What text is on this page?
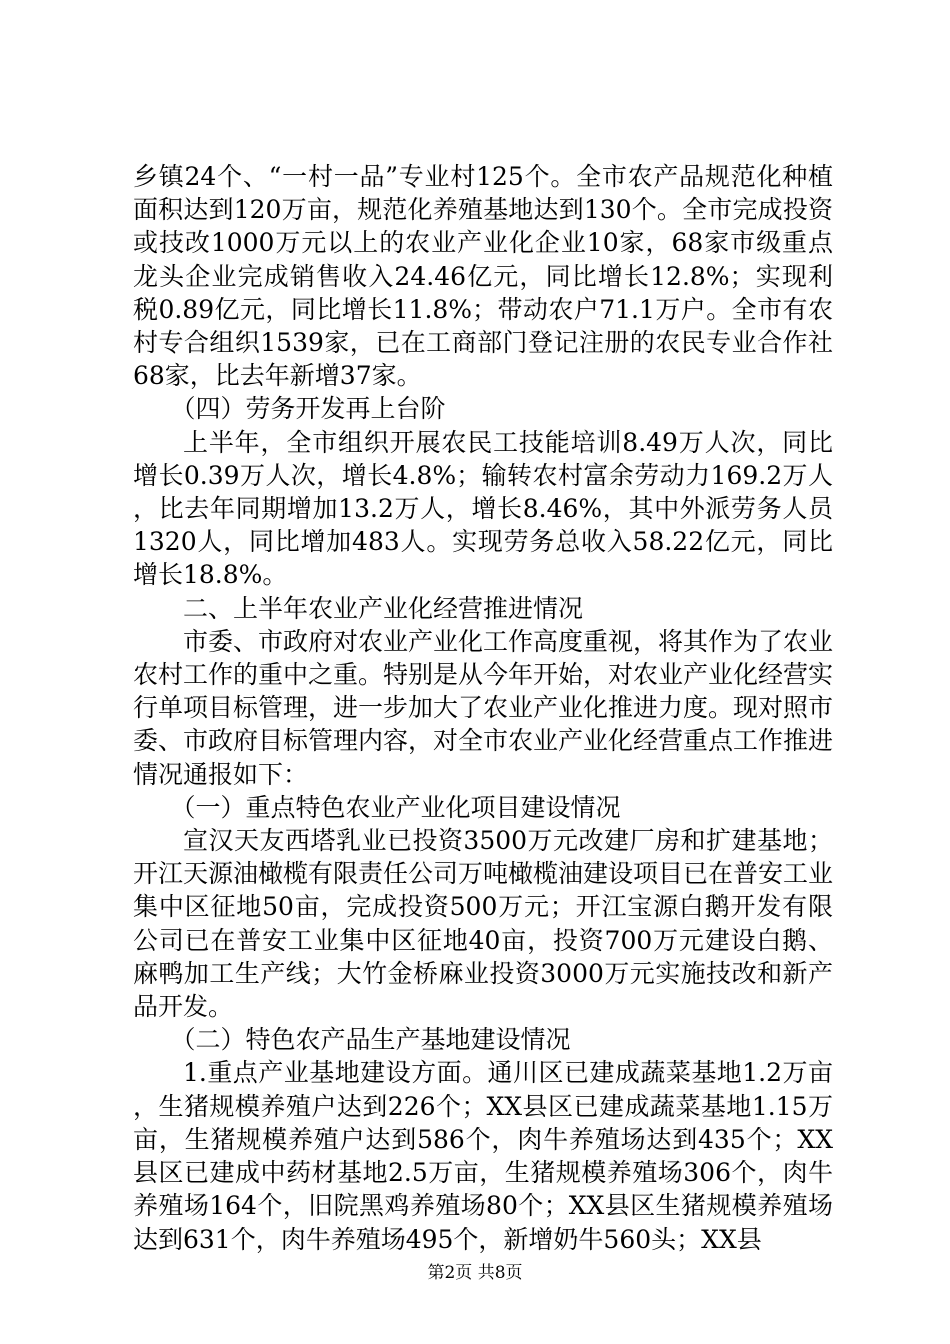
乡镇24个、“一村一品”专业村125个。全市农产品规范化种植面积达到120万亩，规范化养殖基地达到130个。全市完成投资或技改1000万元以上的农业产业化企业10家，68家市级重点龙头企业完成销售收入24.46亿元，同比增长12.8%；实现利税0.89亿元，同比增长11.8%；带动农户71.1万户。全市有农村专合组织1539家，已在工商部门登记注册的农民专业合作社68家，比去年新增37家。

（四）劳务开发再上台阶

上半年，全市组织开展农民工技能培训8.49万人次，同比增长0.39万人次，增长4.8%；输转农村富余劳动力169.2万人，比去年同期增加13.2万人，增长8.46%，其中外派劳务人员1320人，同比增加483人。实现劳务总收入58.22亿元，同比增长18.8%。

二、上半年农业产业化经营推进情况

市委、市政府对农业产业化工作高度重视，将其作为了农业农村工作的重中之重。特别是从今年开始，对农业产业化经营实行单项目标管理，进一步加大了农业产业化推进力度。现对照市委、市政府目标管理内容，对全市农业产业化经营重点工作推进情况通报如下：

（一）重点特色农业产业化项目建设情况

宣汉天友西塔乳业已投资3500万元改建厂房和扩建基地；开江天源油橄榄有限责任公司万吨橄榄油建设项目已在普安工业集中区征地50亩，完成投资500万元；开江宝源白鹅开发有限公司已在普安工业集中区征地40亩，投资700万元建设白鹅、麻鸭加工生产线；大竹金桥麻业投资3000万元实施技改和新产品开发。

（二）特色农产品生产基地建设情况

1.重点产业基地建设方面。通川区已建成蔬菜基地1.2万亩，生猪规模养殖户达到226个；XX县区已建成蔬菜基地1.15万亩，生猪规模养殖户达到586个，肉牛养殖场达到435个；XX县区已建成中药材基地2.5万亩，生猪规模养殖场306个，肉牛养殖场164个，旧院黑鸡养殖场80个；XX县区生猪规模养殖场达到631个，肉牛养殖场495个，新增奶牛560头；XX县

第2页 共8页
